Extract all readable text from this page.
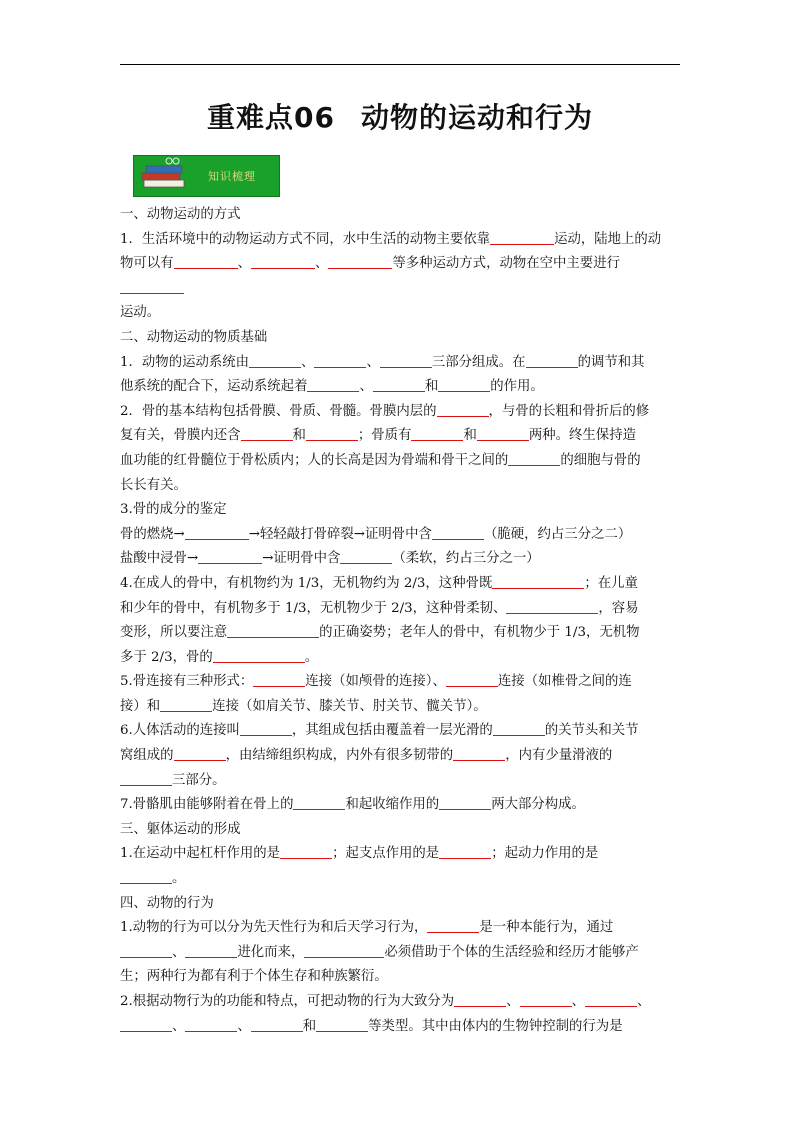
重难点06 动物的运动和行为
知识梳理

一、动物运动的方式

1．生活环境中的动物运动方式不同，水中生活的动物主要依靠	运动，陆地上的动
物可以有	、	、	等多种运动方式，动物在空中主要进行
运动。

二、动物运动的物质基础

1．动物的运动系统由	、	、	三部分组成。在	的调节和其
他系统的配合下，运动系统起着	、	和	的作用。

2．骨的基本结构包括骨膜、骨质、骨髓。骨膜内层的	，与骨的长粗和骨折后的修
复有关，骨膜内还含	和	；骨质有	和	两种。终生保持造
血功能的红骨髓位于骨松质内；人的长高是因为骨端和骨干之间的	的细胞与骨的
长长有关。

3.骨的成分的鉴定

骨的燃烧→	→轻轻敲打骨碎裂→证明骨中含	（脆硬，约占三分之二）

盐酸中浸骨→	→证明骨中含	（柔软，约占三分之一）

4.在成人的骨中，有机物约为 1/3，无机物约为 2/3，这种骨既	；在儿童
和少年的骨中，有机物多于 1/3，无机物少于 2/3，这种骨柔韧、	，容易
变形，所以要注意	的正确姿势；老年人的骨中，有机物少于 1/3，无机物
多于 2/3，骨的	。

5.骨连接有三种形式：	连接（如颅骨的连接）、	连接（如椎骨之间的连
接）和	连接（如肩关节、膝关节、肘关节、髋关节）。

6.人体活动的连接叫	，其组成包括由覆盖着一层光滑的	的关节头和关节
窝组成的	，由结缔组织构成，内外有很多韧带的	，内有少量滑液的
三部分。

7.骨骼肌由能够附着在骨上的	和起收缩作用的	两大部分构成。

三、躯体运动的形成

1.在运动中起杠杆作用的是	；起支点作用的是	；起动力作用的是
。

四、动物的行为

1.动物的行为可以分为先天性行为和后天学习行为，	是一种本能行为，通过
、	进化而来，	必须借助于个体的生活经验和经历才能够产
生；两种行为都有利于个体生存和种族繁衍。

2.根据动物行为的功能和特点，可把动物的行为大致分为	、	、	、
、	、	和	等类型。其中由体内的生物钟控制的行为是
